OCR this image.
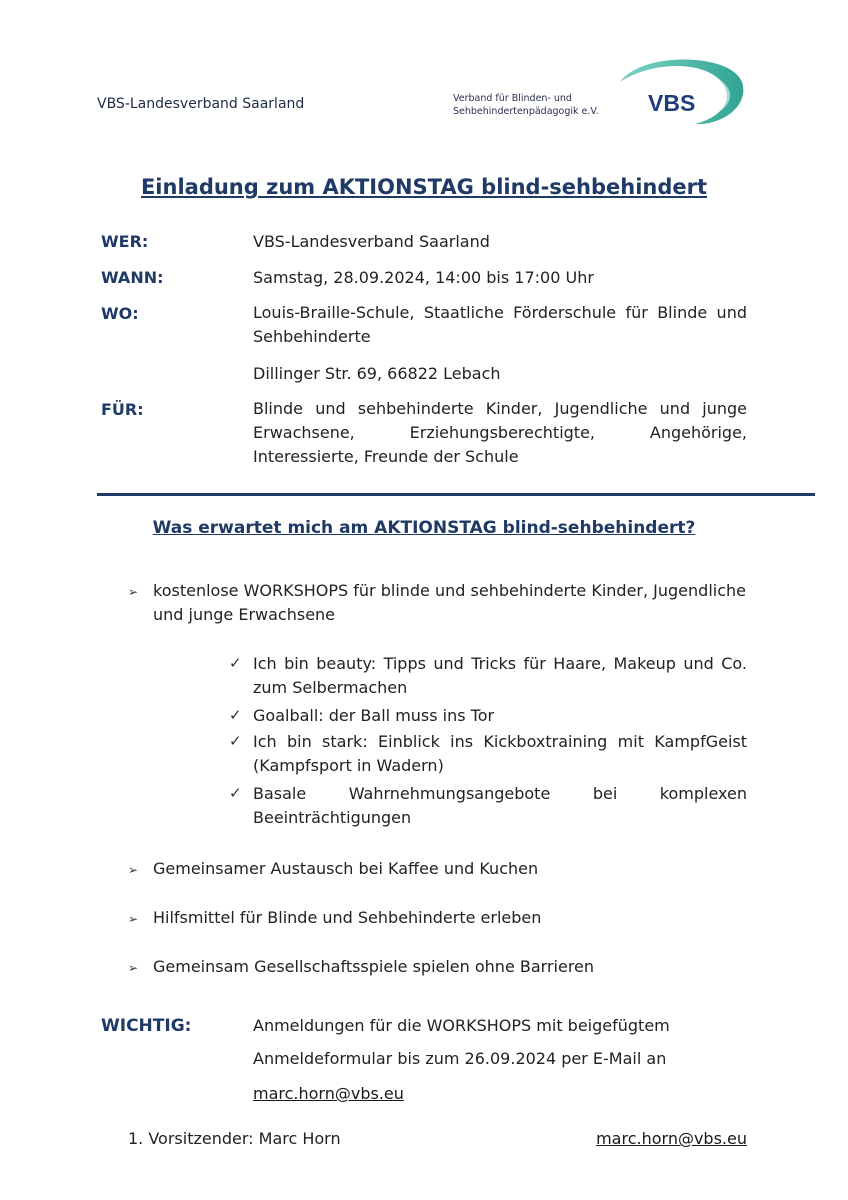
VBS-Landesverband Saarland	Verband für Blinden- und
Sehbehindertenpädagogik e.V. VBS
Einladung zum AKTIONSTAG blind-sehbehindert
WER:	VBS-Landesverband Saarland
WANN:	Samstag, 28.09.2024, 14:00 bis 17:00 Uhr
WO:	Louis-Braille-Schule, Staatliche Förderschule für Blinde und Sehbehinderte
Dillinger Str. 69, 66822 Lebach
FÜR:	Blinde und sehbehinderte Kinder, Jugendliche und junge Erwachsene, Erziehungsberechtigte, Angehörige, Interessierte, Freunde der Schule
Was erwartet mich am AKTIONSTAG blind-sehbehindert?
➢ kostenlose WORKSHOPS für blinde und sehbehinderte Kinder, Jugendliche und junge Erwachsene
✓ Ich bin beauty: Tipps und Tricks für Haare, Makeup und Co. zum Selbermachen
✓ Goalball: der Ball muss ins Tor
✓ Ich bin stark: Einblick ins Kickboxtraining mit KampfGeist (Kampfsport in Wadern)
✓ Basale Wahrnehmungsangebote bei komplexen Beeinträchtigungen
➢ Gemeinsamer Austausch bei Kaffee und Kuchen
➢ Hilfsmittel für Blinde und Sehbehinderte erleben
➢ Gemeinsam Gesellschaftsspiele spielen ohne Barrieren
WICHTIG:	Anmeldungen für die WORKSHOPS mit beigefügtem
Anmeldeformular bis zum 26.09.2024 per E-Mail an
marc.horn@vbs.eu
1. Vorsitzender: Marc Horn	marc.horn@vbs.eu
